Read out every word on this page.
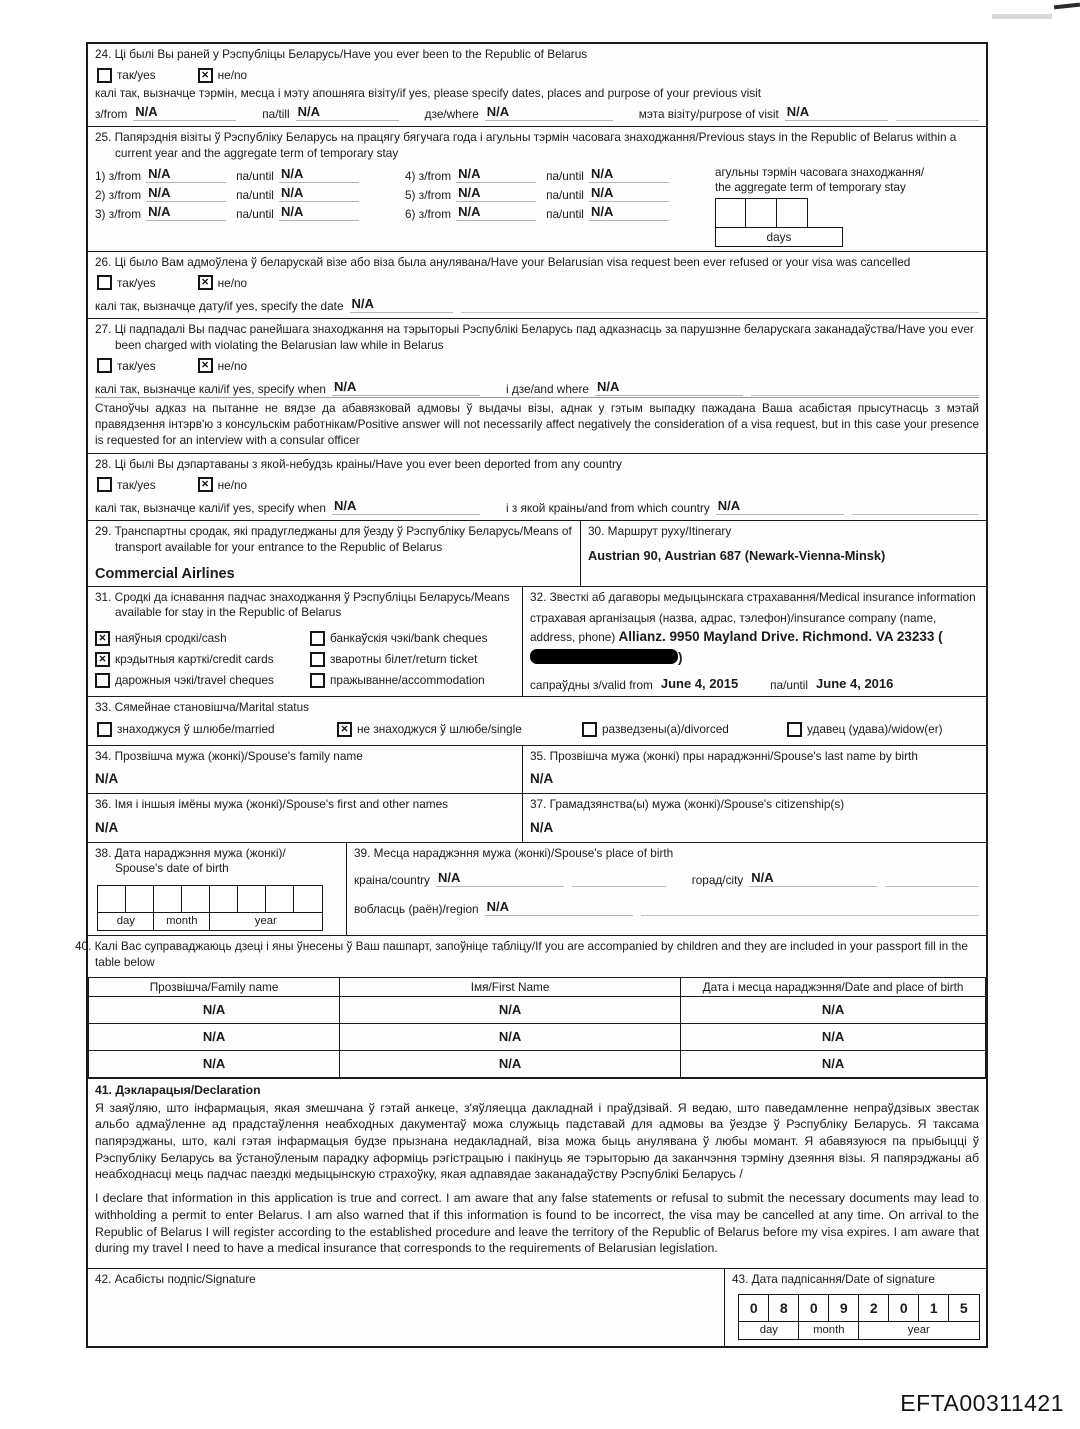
24. Ці былі Вы раней у Рэспубліцы Беларусь/Have you ever been to the Republic of Belarus
так/yes ✕	не/no
калі так, вызначце тэрмін, месца і мэту апошняга візіту/if yes, please specify dates, places and purpose of your previous visit
з/from N/A	па/till N/A	дзе/where N/A	мэта візіту/purpose of visit N/A
25. Папярэднія візіты ў Рэспубліку Беларусь на працягу бягучага года і агульны тэрмін часовага знаходжання/Previous stays in the Republic of Belarus within a current year and the aggregate term of temporary stay
1) з/from N/A	па/until N/A	4) з/from N/A	па/until N/A
2) з/from N/A	па/until N/A	5) з/from N/A	па/until N/A
3) з/from N/A	па/until N/A	6) з/from N/A	па/until N/A
агульны тэрмін часовага знаходжання/
the aggregate term of temporary stay
days
26. Ці было Вам адмоўлена ў беларускай візе або віза была анулявана/Have your Belarusian visa request been ever refused or your visa was cancelled
так/yes ✕	не/no
калі так, вызначце дату/if yes, specify the date N/A
27. Ці падпадалі Вы падчас ранейшага знаходжання на тэрыторыі Рэспублікі Беларусь пад адказнасць за парушэнне беларускага заканадаўства/Have you ever been charged with violating the Belarusian law while in Belarus
так/yes ✕	не/no
калі так, вызначце калі/if yes, specify when N/A	і дзе/and where N/A
Станоўчы адказ на пытанне не вядзе да абавязковай адмовы ў выдачы візы, аднак у гэтым выпадку пажадана Ваша асабістая прысутнасць з мэтай правядзення інтэрв'ю з консульскім работнікам/Positive answer will not necessarily affect negatively the consideration of a visa request, but in this case your presence is requested for an interview with a consular officer
28. Ці былі Вы дэпартаваны з якой-небудзь краіны/Have you ever been deported from any country
так/yes ✕	не/no
калі так, вызначце калі/if yes, specify when N/A	і з якой краіны/and from which country N/A
29. Транспартны сродак, які прадугледжаны для ўезду ў Рэспубліку Беларусь/Means of transport available for your entrance to the Republic of Belarus
Commercial Airlines
30. Маршрут руху/Itinerary
Austrian 90, Austrian 687 (Newark-Vienna-Minsk)
31. Сродкі да існавання падчас знаходжання ў Рэспубліцы Беларусь/Means available for stay in the Republic of Belarus
✕
наяўныя сродкі/cash
✕
крэдытныя карткі/credit cards
дарожныя чэкі/travel cheques
банкаўскія чэкі/bank cheques
зваротны білет/return ticket
пражыванне/accommodation
32. Звесткі аб дагаворы медыцынскага страхавання/Medical insurance information
страхавая арганізацыя (назва, адрас, тэлефон)/insurance company (name, address, phone) Allianz. 9950 Mayland Drive. Richmond. VA 23233 ()
сапраўдны з/valid from June 4, 2015	па/until June 4, 2016
33. Сямейнае становішча/Marital status
знаходжуся ў шлюбе/married ✕	не знаходжуся ў шлюбе/single	разведзены(а)/divorced	удавец (удава)/widow(er)
34. Прозвішча мужа (жонкі)/Spouse's family name
N/A
35. Прозвішча мужа (жонкі) пры нараджэнні/Spouse's last name by birth
N/A
36. Імя і іншыя імёны мужа (жонкі)/Spouse's first and other names
N/A
37. Грамадзянства(ы) мужа (жонкі)/Spouse's citizenship(s)
N/A
38. Дата нараджэння мужа (жонкі)/
Spouse's date of birth
day	month	year
39. Месца нараджэння мужа (жонкі)/Spouse's place of birth
краіна/country N/A	горад/city N/A
вобласць (раён)/region N/A
40. Калі Вас суправаджаюць дзеці і яны ўнесены ў Ваш пашпарт, запоўніце табліцу/If you are accompanied by children and they are included in your passport fill in the table below
Прозвішча/Family name	Імя/First Name	Дата і месца нараджэння/Date and place of birth
N/A	N/A	N/A
N/A	N/A	N/A
N/A	N/A	N/A
41. Дэкларацыя/Declaration

Я заяўляю, што інфармацыя, якая змешчана ў гэтай анкеце, з'яўляецца дакладнай і праўдзівай. Я ведаю, што паведамленне непраўдзівых звестак альбо адмаўленне ад прадстаўлення неабходных дакументаў можа служыць падставай для адмовы ва ўездзе ў Рэспубліку Беларусь. Я таксама папярэджаны, што, калі гэтая інфармацыя будзе прызнана недакладнай, віза можа быць анулявана ў любы момант. Я абавязуюся па прыбыцці ў Рэспубліку Беларусь ва ўстаноўленым парадку аформіць рэгістрацыю і пакінуць яе тэрыторыю да заканчэння тэрміну дзеяння візы. Я папярэджаны аб неабходнасці мець падчас паездкі медыцынскую страхоўку, якая адпавядае заканадаўству Рэспублікі Беларусь /

I declare that information in this application is true and correct. I am aware that any false statements or refusal to submit the necessary documents may lead to withholding a permit to enter Belarus. I am also warned that if this information is found to be incorrect, the visa may be cancelled at any time. On arrival to the Republic of Belarus I will register according to the established procedure and leave the territory of the Republic of Belarus before my visa expires. I am aware that during my travel I need to have a medical insurance that corresponds to the requirements of Belarusian legislation.

42. Асабісты подпіс/Signature	43. Дата падпісання/Date of signature
0	8	0	9	2	0	1	5
day	month	year
EFTA00311421
